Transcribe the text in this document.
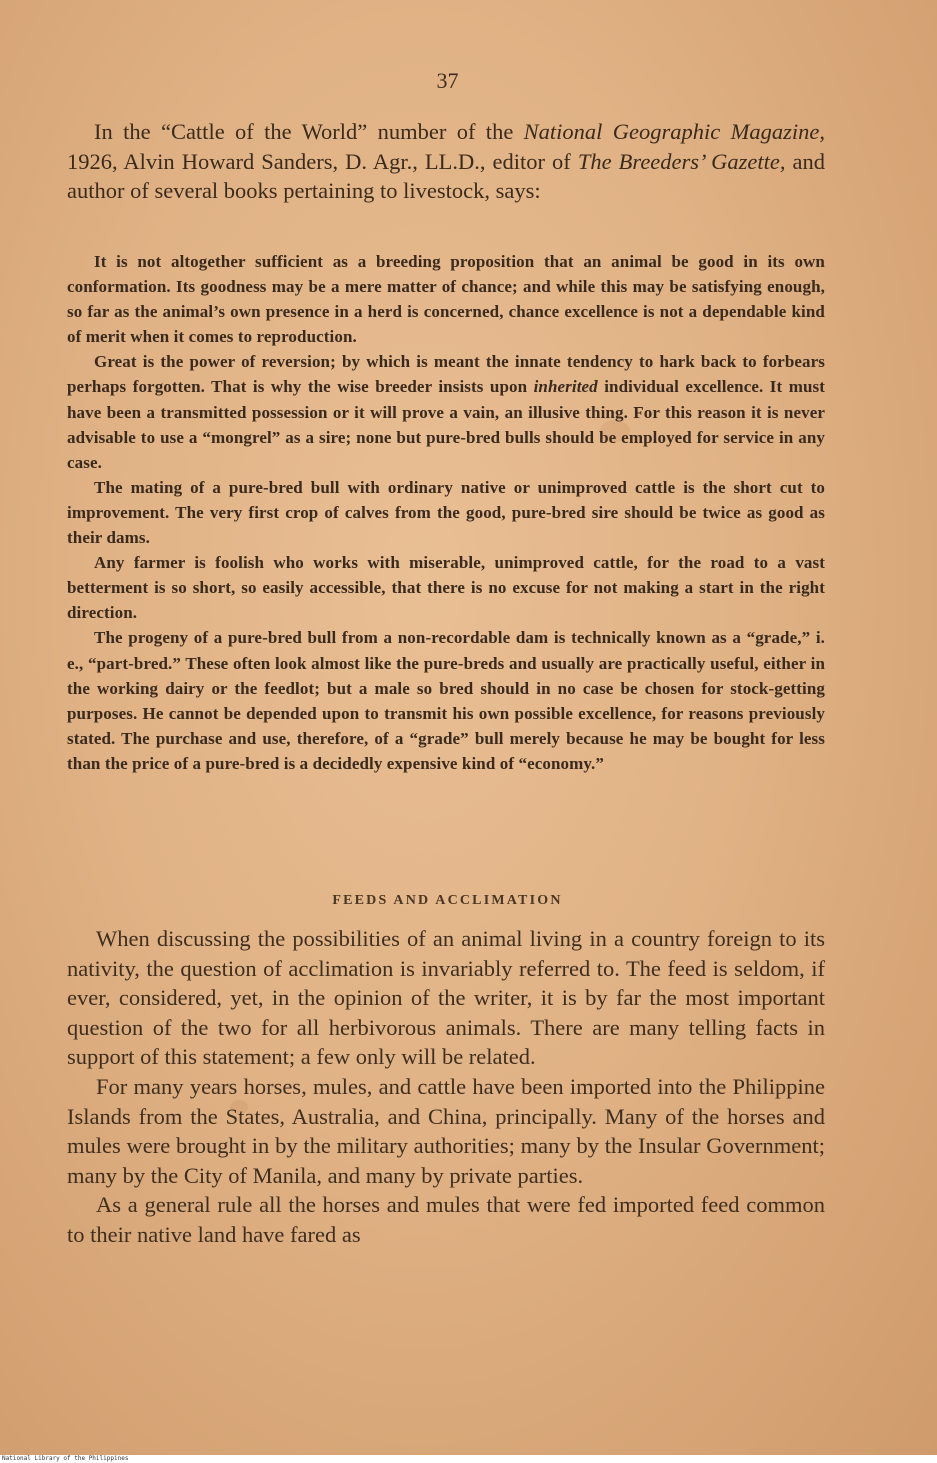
37

In the “Cattle of the World” number of the National Geographic Magazine, 1926, Alvin Howard Sanders, D. Agr., LL.D., editor of The Breeders’ Gazette, and author of several books pertaining to livestock, says:

It is not altogether sufficient as a breeding proposition that an animal be good in its own conformation. Its goodness may be a mere matter of chance; and while this may be satisfying enough, so far as the animal’s own presence in a herd is concerned, chance excellence is not a dependable kind of merit when it comes to reproduction.

Great is the power of reversion; by which is meant the innate tendency to hark back to forbears perhaps forgotten. That is why the wise breeder insists upon inherited individual excellence. It must have been a transmitted possession or it will prove a vain, an illusive thing. For this reason it is never advisable to use a “mongrel” as a sire; none but pure-bred bulls should be employed for service in any case.

The mating of a pure-bred bull with ordinary native or unimproved cattle is the short cut to improvement. The very first crop of calves from the good, pure-bred sire should be twice as good as their dams.

Any farmer is foolish who works with miserable, unimproved cattle, for the road to a vast betterment is so short, so easily accessible, that there is no excuse for not making a start in the right direction.

The progeny of a pure-bred bull from a non-recordable dam is technically known as a “grade,” i. e., “part-bred.” These often look almost like the pure-breds and usually are practically useful, either in the working dairy or the feedlot; but a male so bred should in no case be chosen for stock-getting purposes. He cannot be depended upon to transmit his own possible excellence, for reasons previously stated. The purchase and use, therefore, of a “grade” bull merely because he may be bought for less than the price of a pure-bred is a decidedly expensive kind of “economy.”

FEEDS AND ACCLIMATION

When discussing the possibilities of an animal living in a country foreign to its nativity, the question of acclimation is invariably referred to. The feed is seldom, if ever, considered, yet, in the opinion of the writer, it is by far the most important question of the two for all herbivorous animals. There are many telling facts in support of this statement; a few only will be related.

For many years horses, mules, and cattle have been imported into the Philippine Islands from the States, Australia, and China, principally. Many of the horses and mules were brought in by the military authorities; many by the Insular Government; many by the City of Manila, and many by private parties.

As a general rule all the horses and mules that were fed imported feed common to their native land have fared as

National Library of the Philippines
